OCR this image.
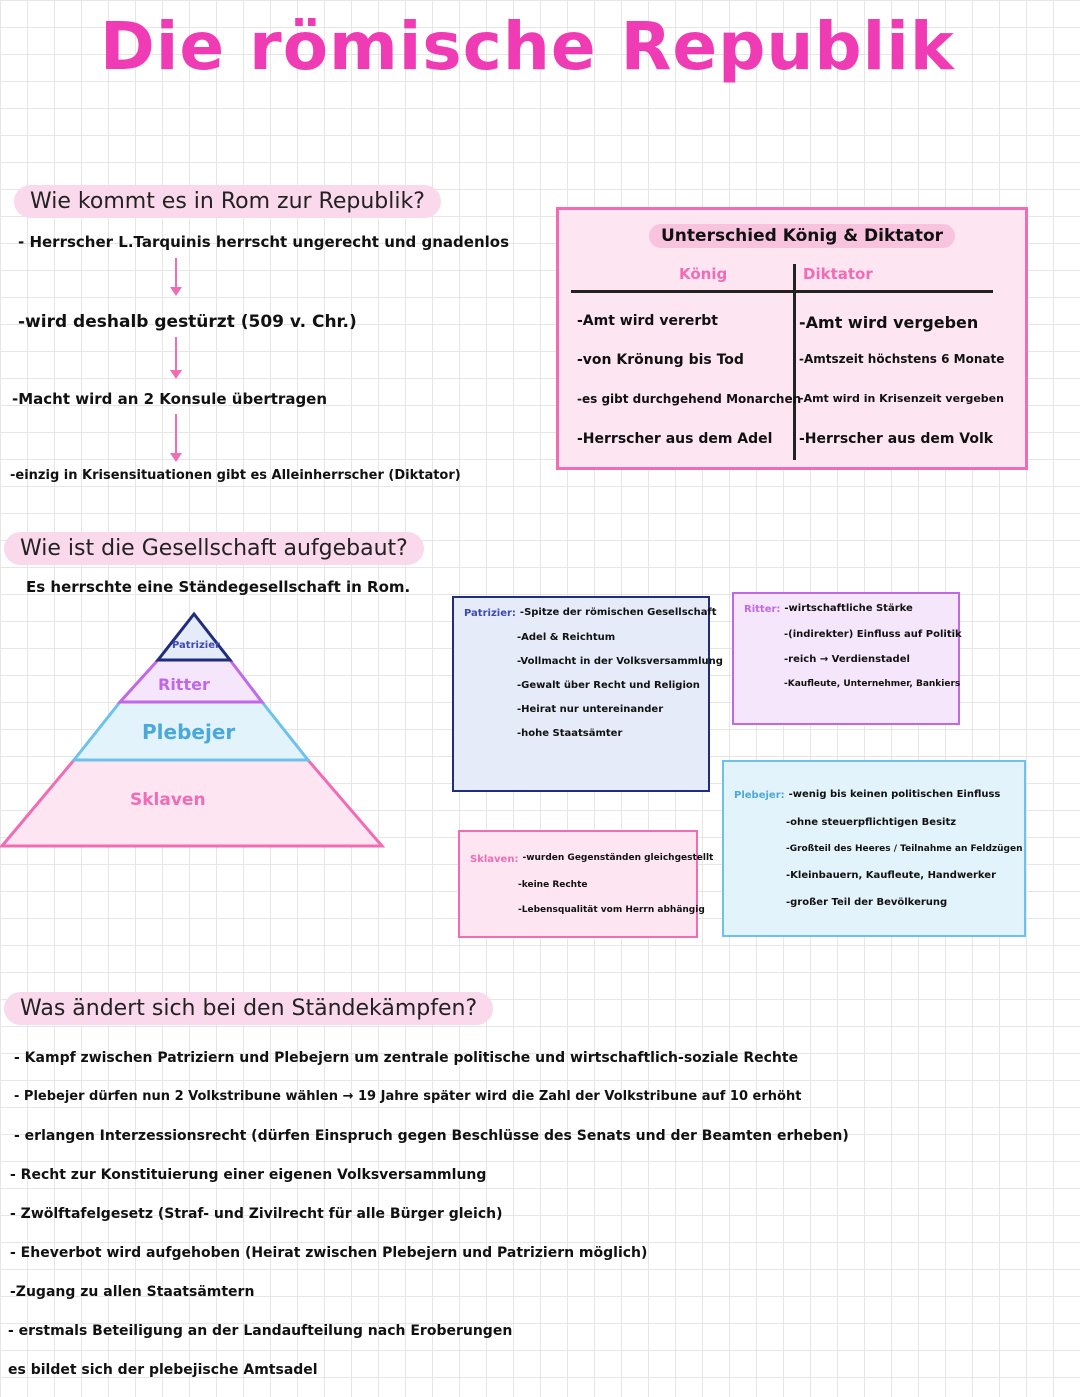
Die römische Republik
Wie kommt es in Rom zur Republik?
- Herrscher L.Tarquinis herrscht ungerecht und gnadenlos
-wird deshalb gestürzt (509 v. Chr.)
-Macht wird an 2 Konsule übertragen
-einzig in Krisensituationen gibt es Alleinherrscher (Diktator)
Unterschied König & Diktator
König	Diktator
-Amt wird vererbt
-von Krönung bis Tod
-es gibt durchgehend Monarchen
-Herrscher aus dem Adel
-Amt wird vergeben
-Amtszeit höchstens 6 Monate
-Amt wird in Krisenzeit vergeben
-Herrscher aus dem Volk
Wie ist die Gesellschaft aufgebaut?
Es herrschte eine Ständegesellschaft in Rom.
Patrizier
Ritter
Plebejer
Sklaven
Patrizier: -Spitze der römischen Gesellschaft
-Adel & Reichtum
-Vollmacht in der Volksversammlung
-Gewalt über Recht und Religion
-Heirat nur untereinander
-hohe Staatsämter
Ritter: -wirtschaftliche Stärke
-(indirekter) Einfluss auf Politik
-reich → Verdienstadel
-Kaufleute, Unternehmer, Bankiers
Plebejer: -wenig bis keinen politischen Einfluss
-ohne steuerpflichtigen Besitz
-Großteil des Heeres / Teilnahme an Feldzügen
-Kleinbauern, Kaufleute, Handwerker
-großer Teil der Bevölkerung
Sklaven: -wurden Gegenständen gleichgestellt
-keine Rechte
-Lebensqualität vom Herrn abhängig
Was ändert sich bei den Ständekämpfen?
- Kampf zwischen Patriziern und Plebejern um zentrale politische und wirtschaftlich-soziale Rechte
- Plebejer dürfen nun 2 Volkstribune wählen → 19 Jahre später wird die Zahl der Volkstribune auf 10 erhöht
- erlangen Interzessionsrecht (dürfen Einspruch gegen Beschlüsse des Senats und der Beamten erheben)
- Recht zur Konstituierung einer eigenen Volksversammlung
- Zwölftafelgesetz (Straf- und Zivilrecht für alle Bürger gleich)
- Eheverbot wird aufgehoben (Heirat zwischen Plebejern und Patriziern möglich)
-Zugang zu allen Staatsämtern
- erstmals Beteiligung an der Landaufteilung nach Eroberungen
es bildet sich der plebejische Amtsadel
